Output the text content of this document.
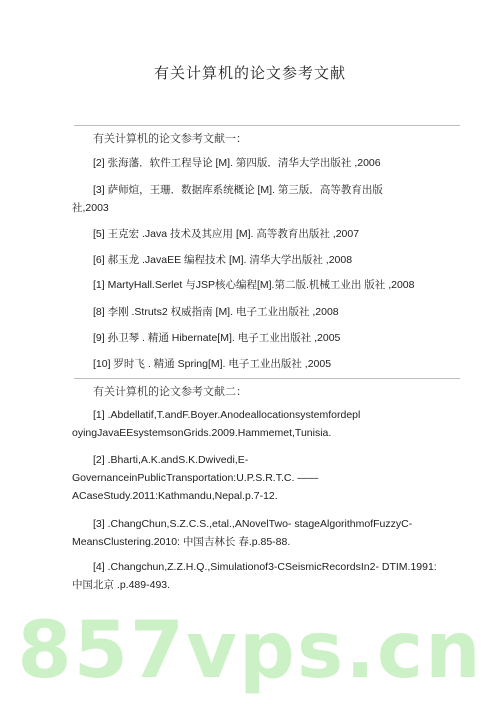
有关计算机的论文参考文献
有关计算机的论文参考文献一：
[2] 张海藩．软件工程导论 [M]. 第四版．清华大学出版社 ,2006
[3] 萨师煊，王珊．数据库系统概论 [M]. 第三版．高等教育出版
社,2003
[5] 王克宏 .Java 技术及其应用 [M]. 高等教育出版社 ,2007
[6] 郝玉龙 .JavaEE 编程技术 [M]. 清华大学出版社 ,2008
[1] MartyHall.Serlet 与JSP核心编程[M].第二版.机械工业出 版社 ,2008
[8] 李刚 .Struts2 权威指南 [M]. 电子工业出版社 ,2008
[9] 孙卫琴 . 精通 Hibernate[M]. 电子工业出版社 ,2005
[10] 罗时飞 . 精通 Spring[M]. 电子工业出版社 ,2005
有关计算机的论文参考文献二：
[1] .Abdellatif,T.andF.Boyer.Anodeallocationsystemfordepl
oyingJavaEEsystemsonGrids.2009.Hammemet,Tunisia.
[2] .Bharti,A.K.andS.K.Dwivedi,E-
GovernanceinPublicTransportation:U.P.S.R.T.C. ——
ACaseStudy.2011:Kathmandu,Nepal.p.7-12.
[3] .ChangChun,S.Z.C.S.,etal.,ANovelTwo- stageAlgorithmofFuzzyC-
MeansClustering.2010: 中国吉林长 春.p.85-88.
[4] .Changchun,Z.Z.H.Q.,Simulationof3-CSeismicRecordsIn2- DTIM.1991:
中国北京 .p.489-493.
857vps.cn
